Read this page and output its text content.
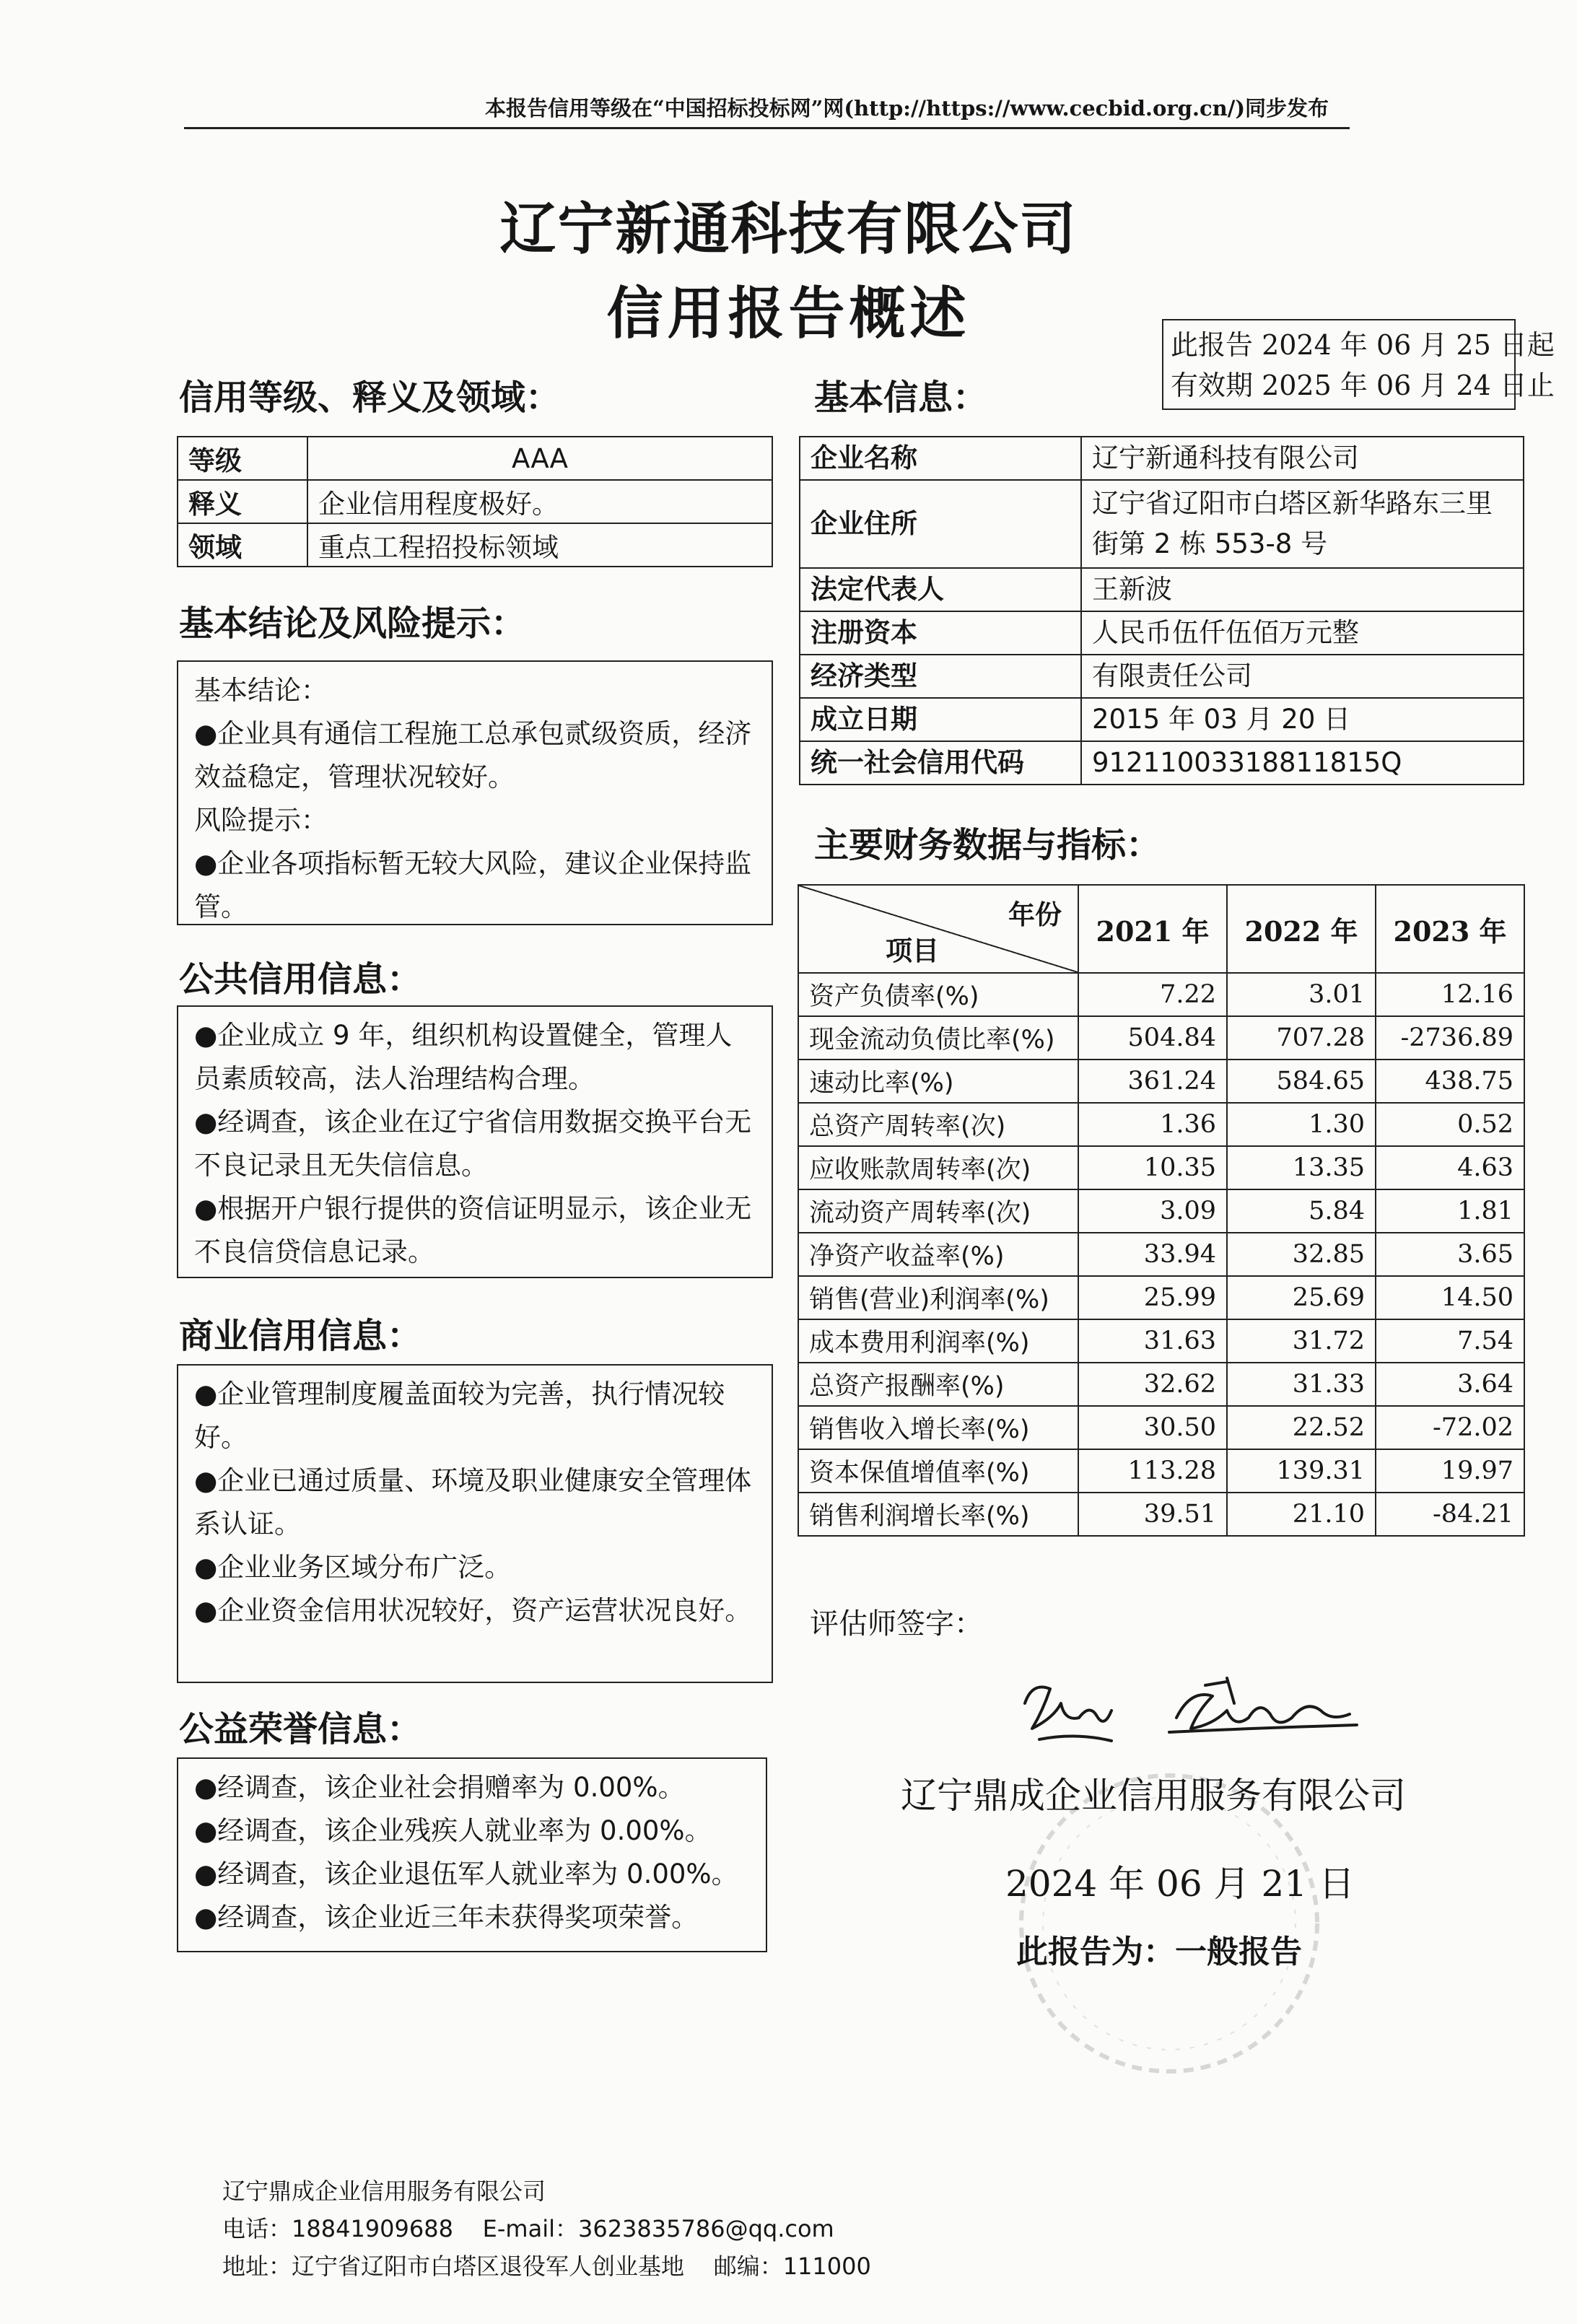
本报告信用等级在“中国招标投标网”网(http://https://www.cecbid.org.cn/)同步发布
辽宁新通科技有限公司
信用报告概述	此报告 2024 年 06 月 25 日起
有效期 2025 年 06 月 24 日止
信用等级、释义及领域：
等级	AAA
释义	企业信用程度极好。
领域	重点工程招投标领域
基本结论及风险提示：

基本结论：

●企业具有通信工程施工总承包贰级资质，经济效益稳定，管理状况较好。

风险提示：

●企业各项指标暂无较大风险，建议企业保持监管。

公共信用信息：

●企业成立 9 年，组织机构设置健全，管理人员素质较高，法人治理结构合理。

●经调查，该企业在辽宁省信用数据交换平台无不良记录且无失信信息。

●根据开户银行提供的资信证明显示，该企业无不良信贷信息记录。

商业信用信息：

●企业管理制度履盖面较为完善，执行情况较好。

●企业已通过质量、环境及职业健康安全管理体系认证。

●企业业务区域分布广泛。

●企业资金信用状况较好，资产运营状况良好。

公益荣誉信息：

●经调查，该企业社会捐赠率为 0.00%。

●经调查，该企业残疾人就业率为 0.00%。

●经调查，该企业退伍军人就业率为 0.00%。

●经调查，该企业近三年未获得奖项荣誉。

基本信息：
企业名称	辽宁新通科技有限公司
企业住所	辽宁省辽阳市白塔区新华路东三里街第 2 栋 553-8 号
法定代表人	王新波
注册资本	人民币伍仟伍佰万元整
经济类型	有限责任公司
成立日期	2015 年 03 月 20 日
统一社会信用代码	91211003318811815Q
主要财务数据与指标：
年份
项目	2021 年	2022 年	2023 年
资产负债率(%)	7.22	3.01	12.16
现金流动负债比率(%)	504.84	707.28	-2736.89
速动比率(%)	361.24	584.65	438.75
总资产周转率(次)	1.36	1.30	0.52
应收账款周转率(次)	10.35	13.35	4.63
流动资产周转率(次)	3.09	5.84	1.81
净资产收益率(%)	33.94	32.85	3.65
销售(营业)利润率(%)	25.99	25.69	14.50
成本费用利润率(%)	31.63	31.72	7.54
总资产报酬率(%)	32.62	31.33	3.64
销售收入增长率(%)	30.50	22.52	-72.02
资本保值增值率(%)	113.28	139.31	19.97
销售利润增长率(%)	39.51	21.10	-84.21
评估师签字：
辽宁鼎成企业信用服务有限公司
2024 年 06 月 21 日
此报告为：一般报告
辽宁鼎成企业信用服务有限公司
电话：18841909688    E-mail：3623835786@qq.com
地址：辽宁省辽阳市白塔区退役军人创业基地    邮编：111000
